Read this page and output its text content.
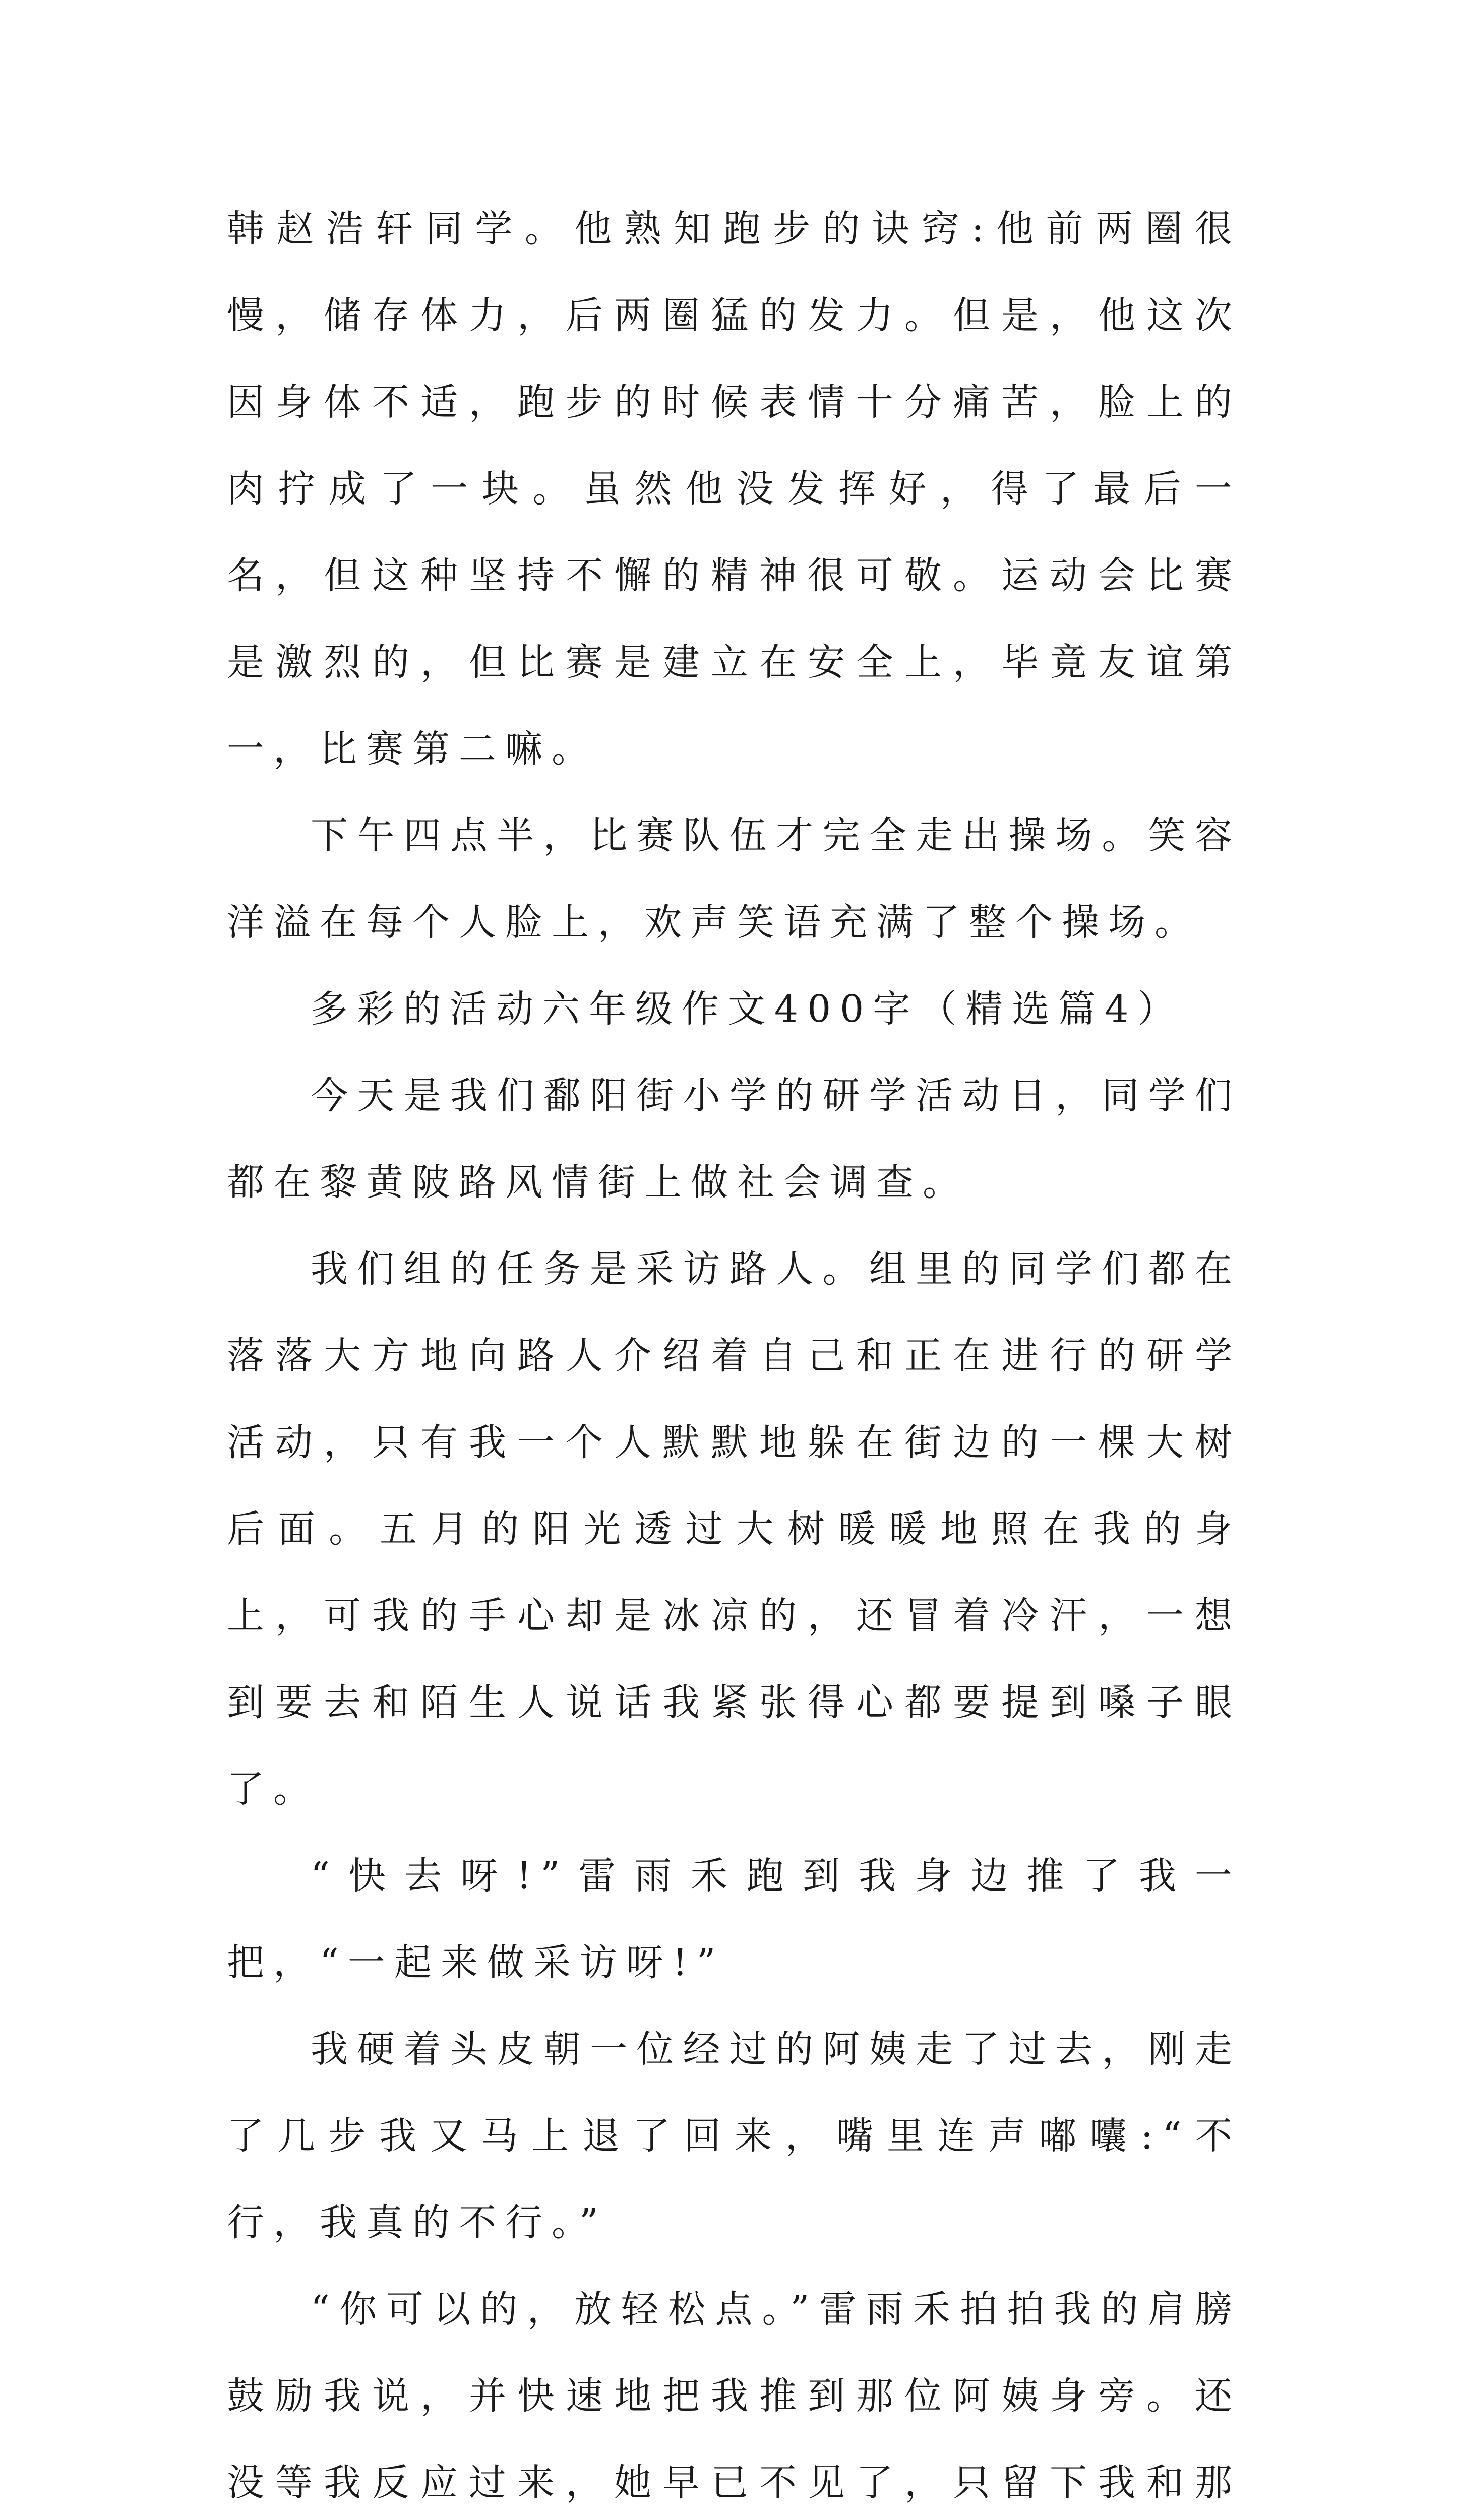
韩赵浩轩同学。他熟知跑步的诀窍:他前两圈很慢，储存体力，后两圈猛的发力。但是，他这次因身体不适，跑步的时候表情十分痛苦，脸上的肉拧成了一块。虽然他没发挥好，得了最后一名，但这种坚持不懈的精神很可敬。运动会比赛是激烈的，但比赛是建立在安全上，毕竟友谊第一，比赛第二嘛。

下午四点半，比赛队伍才完全走出操场。笑容洋溢在每个人脸上，欢声笑语充满了整个操场。

多彩的活动六年级作文400字（精选篇4）

今天是我们鄱阳街小学的研学活动日，同学们都在黎黄陂路风情街上做社会调查。

我们组的任务是采访路人。组里的同学们都在落落大方地向路人介绍着自己和正在进行的研学活动，只有我一个人默默地躲在街边的一棵大树后面。五月的阳光透过大树暖暖地照在我的身上，可我的手心却是冰凉的，还冒着冷汗，一想到要去和陌生人说话我紧张得心都要提到嗓子眼了。

“快去呀!”雷雨禾跑到我身边推了我一把，“一起来做采访呀!”

我硬着头皮朝一位经过的阿姨走了过去，刚走了几步我又马上退了回来，嘴里连声嘟囔:“不行，我真的不行。”

“你可以的，放轻松点。”雷雨禾拍拍我的肩膀鼓励我说，并快速地把我推到那位阿姨身旁。还没等我反应过来，她早已不见了，只留下我和那
